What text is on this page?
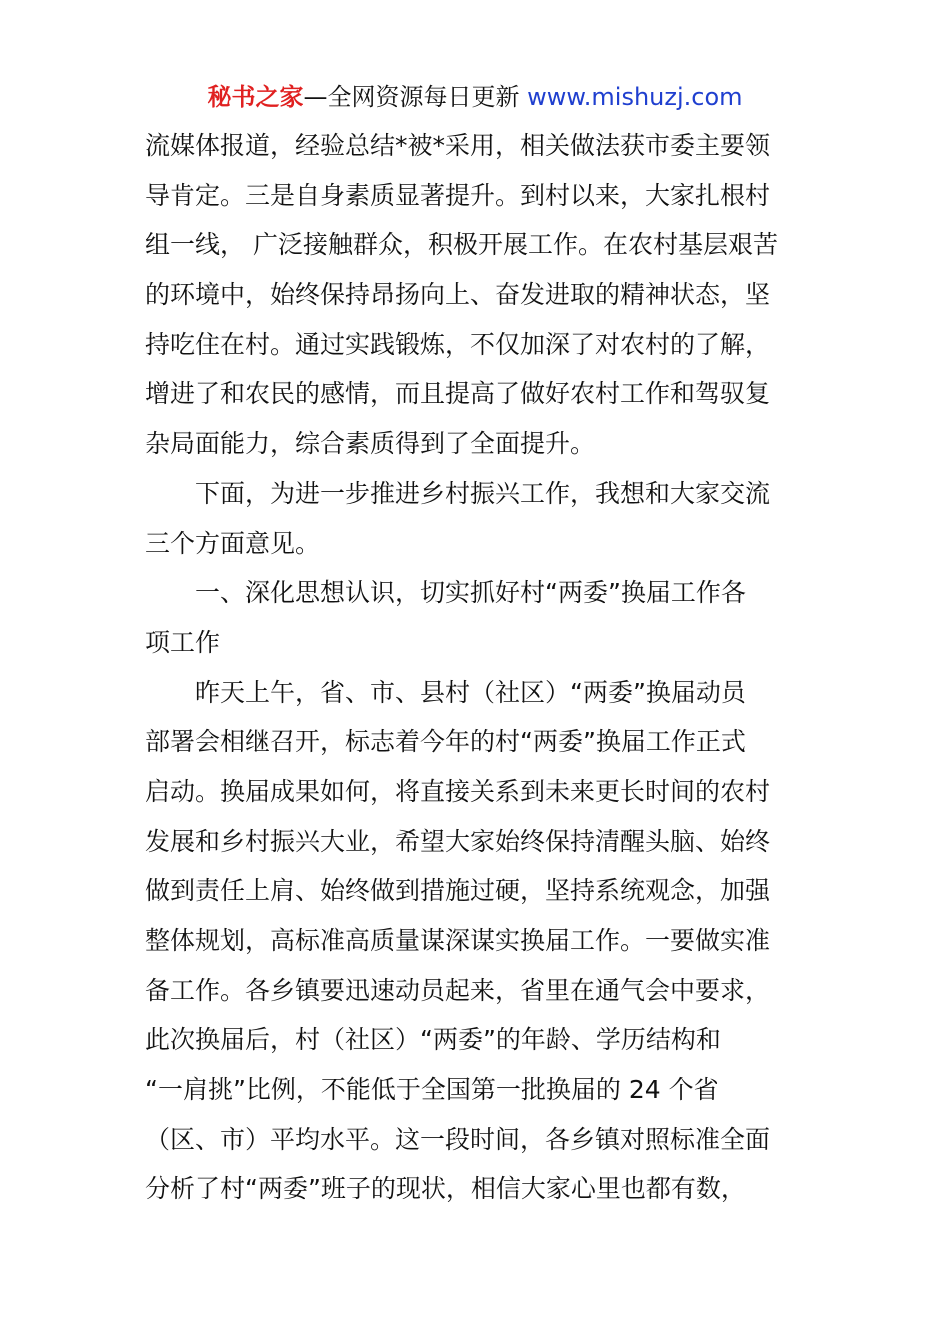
秘书之家—全网资源每日更新 www.mishuzj.com
流媒体报道，经验总结*被*采用，相关做法获市委主要领
导肯定。三是自身素质显著提升。到村以来，大家扎根村
组一线， 广泛接触群众，积极开展工作。在农村基层艰苦
的环境中，始终保持昂扬向上、奋发进取的精神状态，坚
持吃住在村。通过实践锻炼，不仅加深了对农村的了解，
增进了和农民的感情，而且提高了做好农村工作和驾驭复
杂局面能力，综合素质得到了全面提升。
下面，为进一步推进乡村振兴工作，我想和大家交流
三个方面意见。
一、深化思想认识，切实抓好村“两委”换届工作各
项工作
昨天上午，省、市、县村（社区）“两委”换届动员
部署会相继召开，标志着今年的村“两委”换届工作正式
启动。换届成果如何，将直接关系到未来更长时间的农村
发展和乡村振兴大业，希望大家始终保持清醒头脑、始终
做到责任上肩、始终做到措施过硬，坚持系统观念，加强
整体规划，高标准高质量谋深谋实换届工作。一要做实准
备工作。各乡镇要迅速动员起来，省里在通气会中要求，
此次换届后，村（社区）“两委”的年龄、学历结构和
“一肩挑”比例，不能低于全国第一批换届的 24 个省
（区、市）平均水平。这一段时间，各乡镇对照标准全面
分析了村“两委”班子的现状，相信大家心里也都有数，
